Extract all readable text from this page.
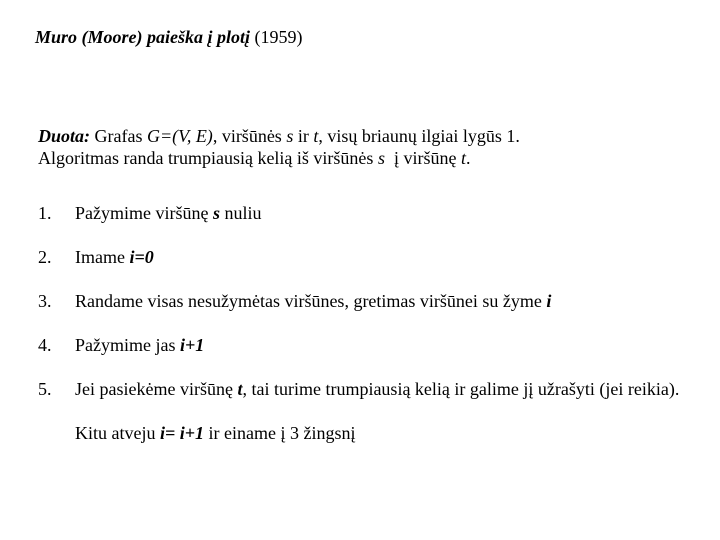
Muro (Moore) paieška į plotį (1959)
Duota: Grafas G=(V, E), viršūnės s ir t, visų briaunų ilgiai lygūs 1.
Algoritmas randa trumpiausią kelią iš viršūnės s į viršūnę t.
1. Pažymime viršūnę s nuliu
2. Imame i=0
3. Randame visas nesužymėtas viršūnes, gretimas viršūnei su žyme i
4. Pažymime jas i+1
5. Jei pasiekėme viršūnę t, tai turime trumpiausią kelią ir galime jį užrašyti (jei reikia). Kitu atveju i= i+1 ir einame į 3 žingsnį
